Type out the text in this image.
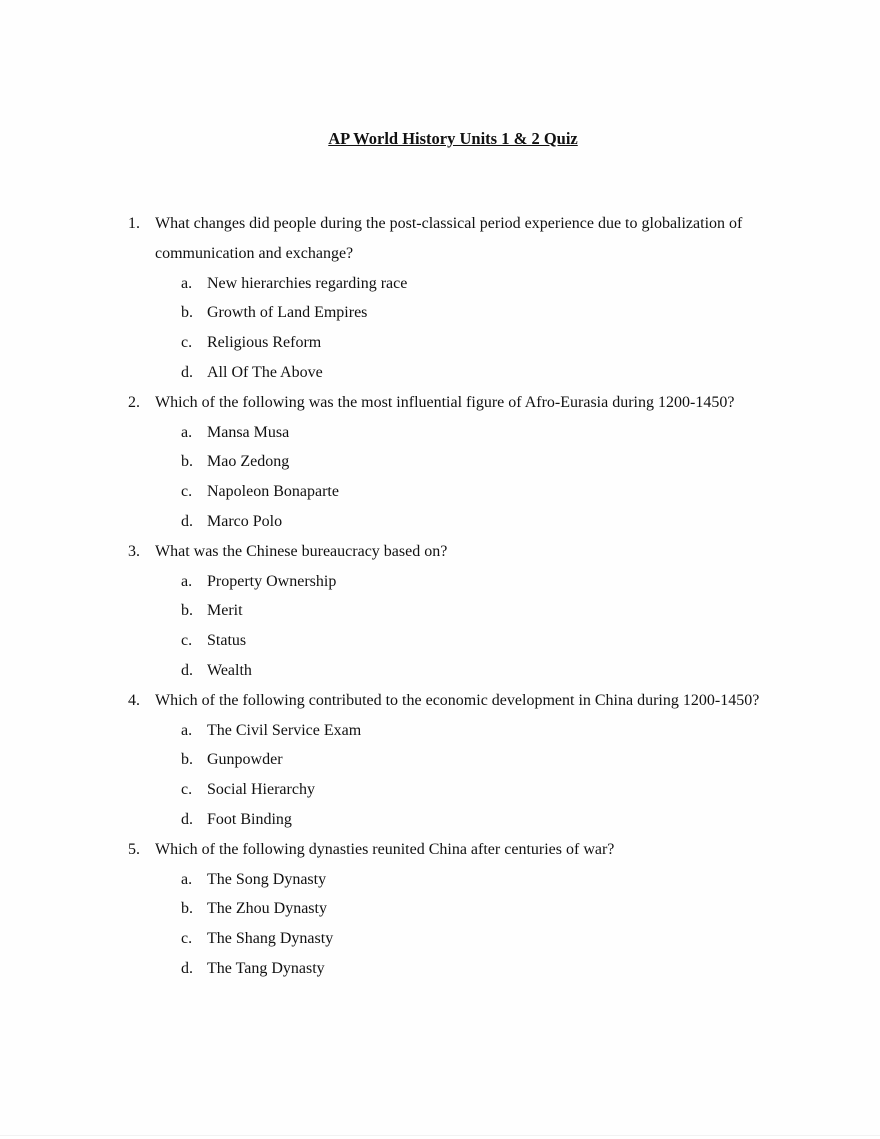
AP World History Units 1 & 2 Quiz
1. What changes did people during the post-classical period experience due to globalization of communication and exchange?
a. New hierarchies regarding race
b. Growth of Land Empires
c. Religious Reform
d. All Of The Above
2. Which of the following was the most influential figure of Afro-Eurasia during 1200-1450?
a. Mansa Musa
b. Mao Zedong
c. Napoleon Bonaparte
d. Marco Polo
3. What was the Chinese bureaucracy based on?
a. Property Ownership
b. Merit
c. Status
d. Wealth
4. Which of the following contributed to the economic development in China during 1200-1450?
a. The Civil Service Exam
b. Gunpowder
c. Social Hierarchy
d. Foot Binding
5. Which of the following dynasties reunited China after centuries of war?
a. The Song Dynasty
b. The Zhou Dynasty
c. The Shang Dynasty
d. The Tang Dynasty
